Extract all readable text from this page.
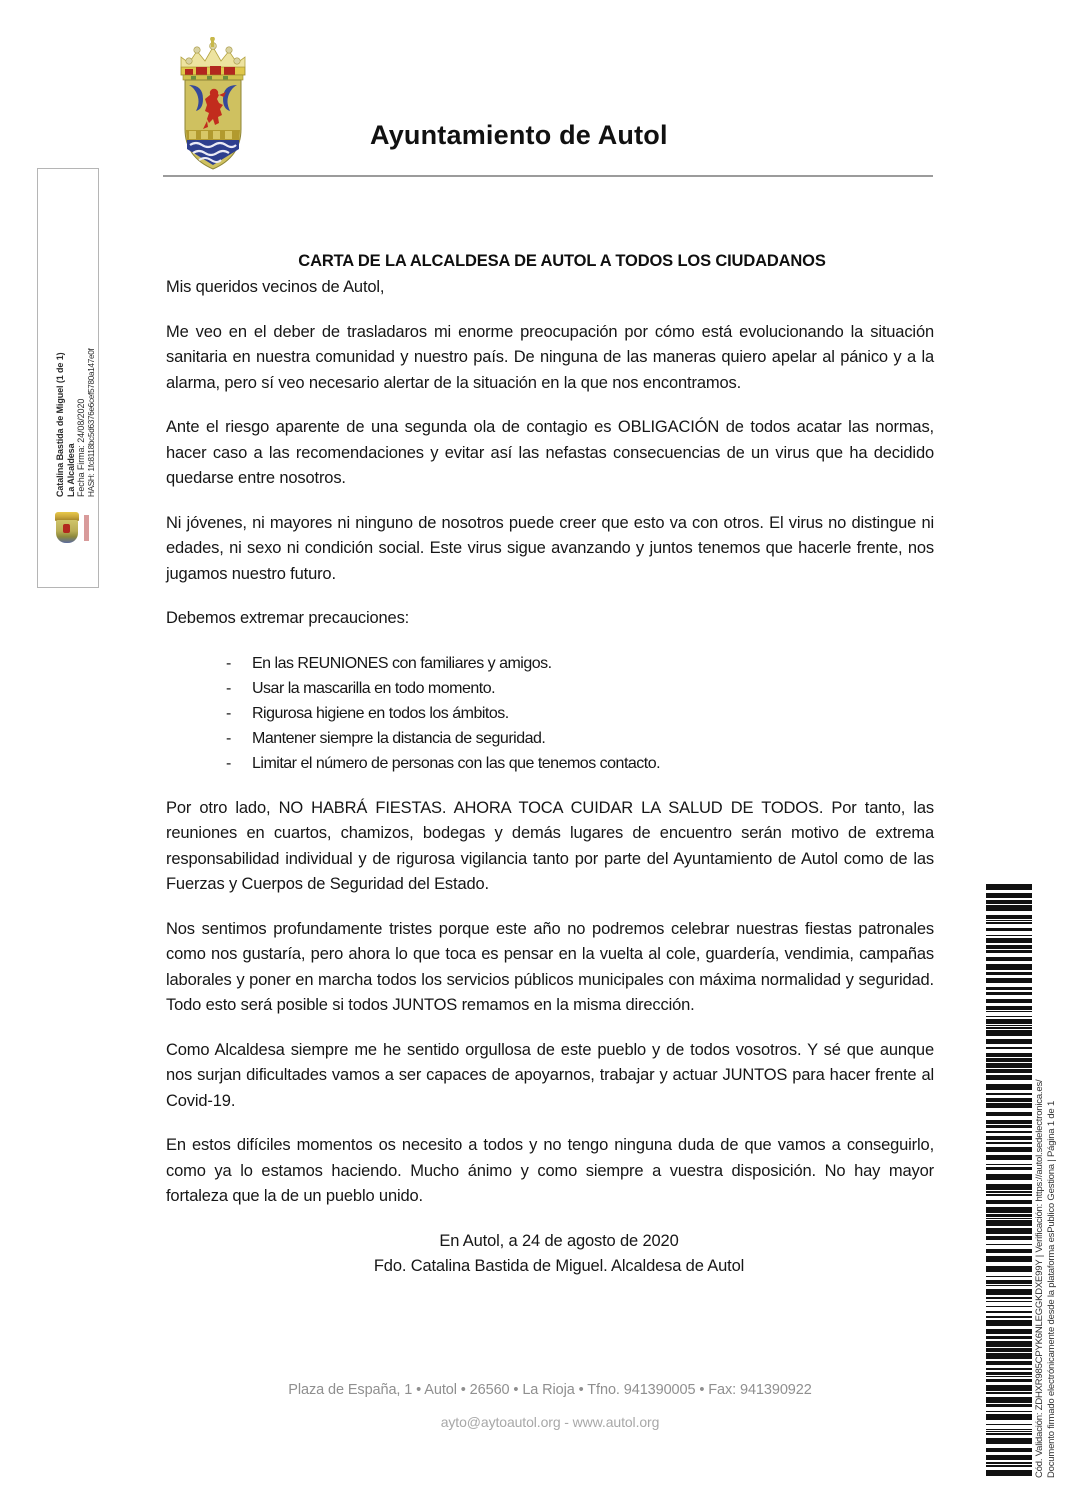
Catalina Bastida de Miguel (1 de 1) La Alcaldesa Fecha Firma: 24/08/2020 HASH: 1fc8118bc5d6376e6cef5780a147e0f
Ayuntamiento de Autol
CARTA DE LA ALCALDESA DE AUTOL A TODOS LOS CIUDADANOS

Mis queridos vecinos de Autol,

Me veo en el deber de trasladaros mi enorme preocupación por cómo está evolucionando la situación sanitaria en nuestra comunidad y nuestro país. De ninguna de las maneras quiero apelar al pánico y a la alarma, pero sí veo necesario alertar de la situación en la que nos encontramos.

Ante el riesgo aparente de una segunda ola de contagio es OBLIGACIÓN de todos acatar las normas, hacer caso a las recomendaciones y evitar así las nefastas consecuencias de un virus que ha decidido quedarse entre nosotros.

Ni jóvenes, ni mayores ni ninguno de nosotros puede creer que esto va con otros. El virus no distingue ni edades, ni sexo ni condición social. Este virus sigue avanzando y juntos tenemos que hacerle frente, nos jugamos nuestro futuro.

Debemos extremar precauciones:

- En las REUNIONES con familiares y amigos.
- Usar la mascarilla en todo momento.
- Rigurosa higiene en todos los ámbitos.
- Mantener siempre la distancia de seguridad.
- Limitar el número de personas con las que tenemos contacto.

Por otro lado, NO HABRÁ FIESTAS. AHORA TOCA CUIDAR LA SALUD DE TODOS. Por tanto, las reuniones en cuartos, chamizos, bodegas y demás lugares de encuentro serán motivo de extrema responsabilidad individual y de rigurosa vigilancia tanto por parte del Ayuntamiento de Autol como de las Fuerzas y Cuerpos de Seguridad del Estado.

Nos sentimos profundamente tristes porque este año no podremos celebrar nuestras fiestas patronales como nos gustaría, pero ahora lo que toca es pensar en la vuelta al cole, guardería, vendimia, campañas laborales y poner en marcha todos los servicios públicos municipales con máxima normalidad y seguridad. Todo esto será posible si todos JUNTOS remamos en la misma dirección.

Como Alcaldesa siempre me he sentido orgullosa de este pueblo y de todos vosotros. Y sé que aunque nos surjan dificultades vamos a ser capaces de apoyarnos, trabajar y actuar JUNTOS para hacer frente al Covid-19.

En estos difíciles momentos os necesito a todos y no tengo ninguna duda de que vamos a conseguirlo, como ya lo estamos haciendo. Mucho ánimo y como siempre a vuestra disposición. No hay mayor fortaleza que la de un pueblo unido.

En Autol, a 24 de agosto de 2020
Fdo. Catalina Bastida de Miguel. Alcaldesa de Autol
Plaza de España, 1 • Autol • 26560 • La Rioja • Tfno. 941390005 • Fax: 941390922
ayto@aytoautol.org - www.autol.org	Cód. Validación: ZDHXR985CPYK6NLEGGKDXE99Y | Verificación: https://autol.sedelectronica.es/ Documento firmado electrónicamente desde la plataforma esPublico Gestiona | Página 1 de 1
